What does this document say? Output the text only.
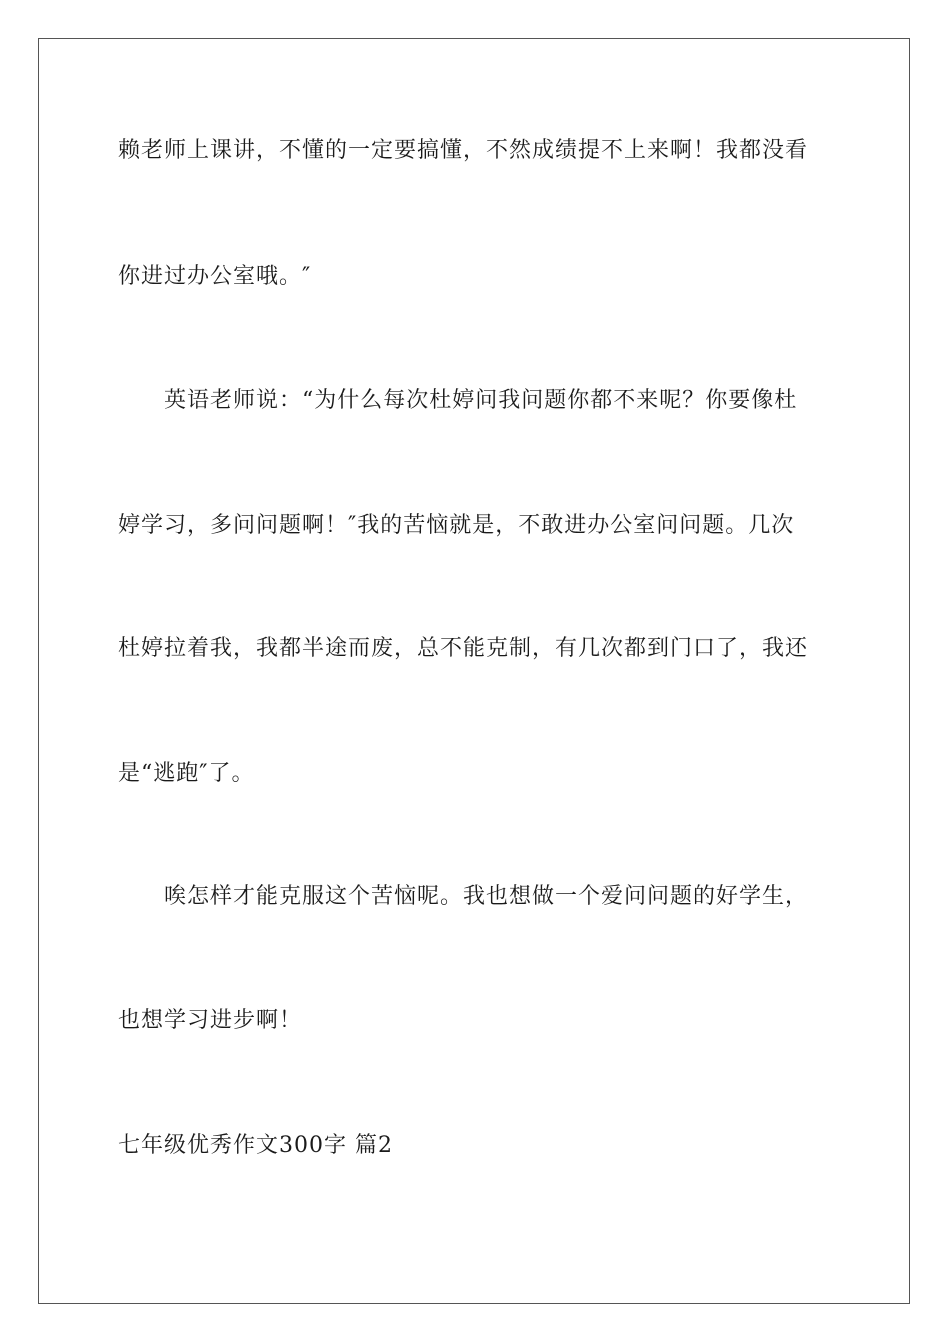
赖老师上课讲，不懂的一定要搞懂，不然成绩提不上来啊！我都没看
你进过办公室哦。″
英语老师说：“为什么每次杜婷问我问题你都不来呢？你要像杜
婷学习，多问问题啊！″我的苦恼就是，不敢进办公室问问题。几次
杜婷拉着我，我都半途而废，总不能克制，有几次都到门口了，我还
是“逃跑″了。
唉怎样才能克服这个苦恼呢。我也想做一个爱问问题的好学生，
也想学习进步啊！
七年级优秀作文300字 篇2
